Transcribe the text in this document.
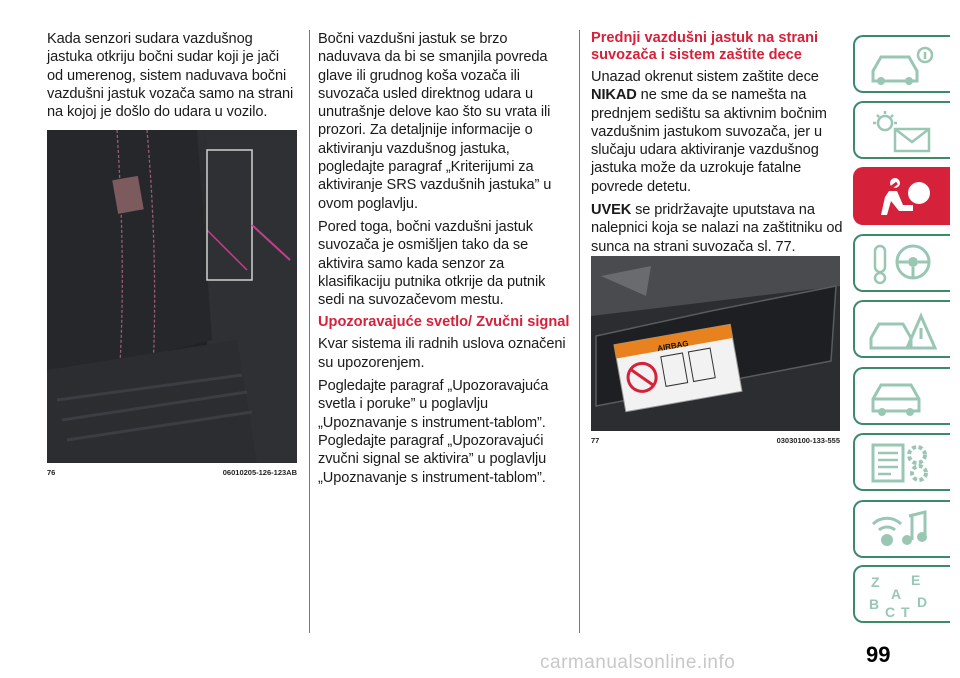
Kada senzori sudara vazdušnog jastuka otkriju bočni sudar koji je jači od umerenog, sistem naduvava bočni vazdušni jastuk vozača samo na strani na kojoj je došlo do udara u vozilo.

76	06010205-126-123AB

Bočni vazdušni jastuk se brzo naduvava da bi se smanjila povreda glave ili grudnog koša vozača ili suvozača usled direktnog udara u unutrašnje delove kao što su vrata ili prozori. Za detaljnije informacije o aktiviranju vazdušnog jastuka, pogledajte paragraf „Kriterijumi za aktiviranje SRS vazdušnih jastuka” u ovom poglavlju.

Pored toga, bočni vazdušni jastuk suvozača je osmišljen tako da se aktivira samo kada senzor za klasifikaciju putnika otkrije da putnik sedi na suvozačevom mestu.

Upozoravajuće svetlo/ Zvučni signal

Kvar sistema ili radnih uslova označeni su upozorenjem.

Pogledajte paragraf „Upozoravajuća svetla i poruke” u poglavlju „Upoznavanje s instrument-tablom”. Pogledajte paragraf „Upozoravajući zvučni signal se aktivira” u poglavlju „Upoznavanje s instrument-tablom”.

Prednji vazdušni jastuk na strani suvozača i sistem zaštite dece

Unazad okrenut sistem zaštite dece

NIKAD ne sme da se namešta na prednjem sedištu sa aktivnim bočnim vazdušnim jastukom suvozača, jer u slučaju udara aktiviranje vazdušnog jastuka može da uzrokuje fatalne povrede detetu.

UVEK se pridržavajte uputstava na nalepnici koja se nalazi na zaštitniku od sunca na strani suvozača sl. 77.

AIRBAG
77	03030100-133-555
Z E
A
B	D
C T
99
carmanualsonline.info
